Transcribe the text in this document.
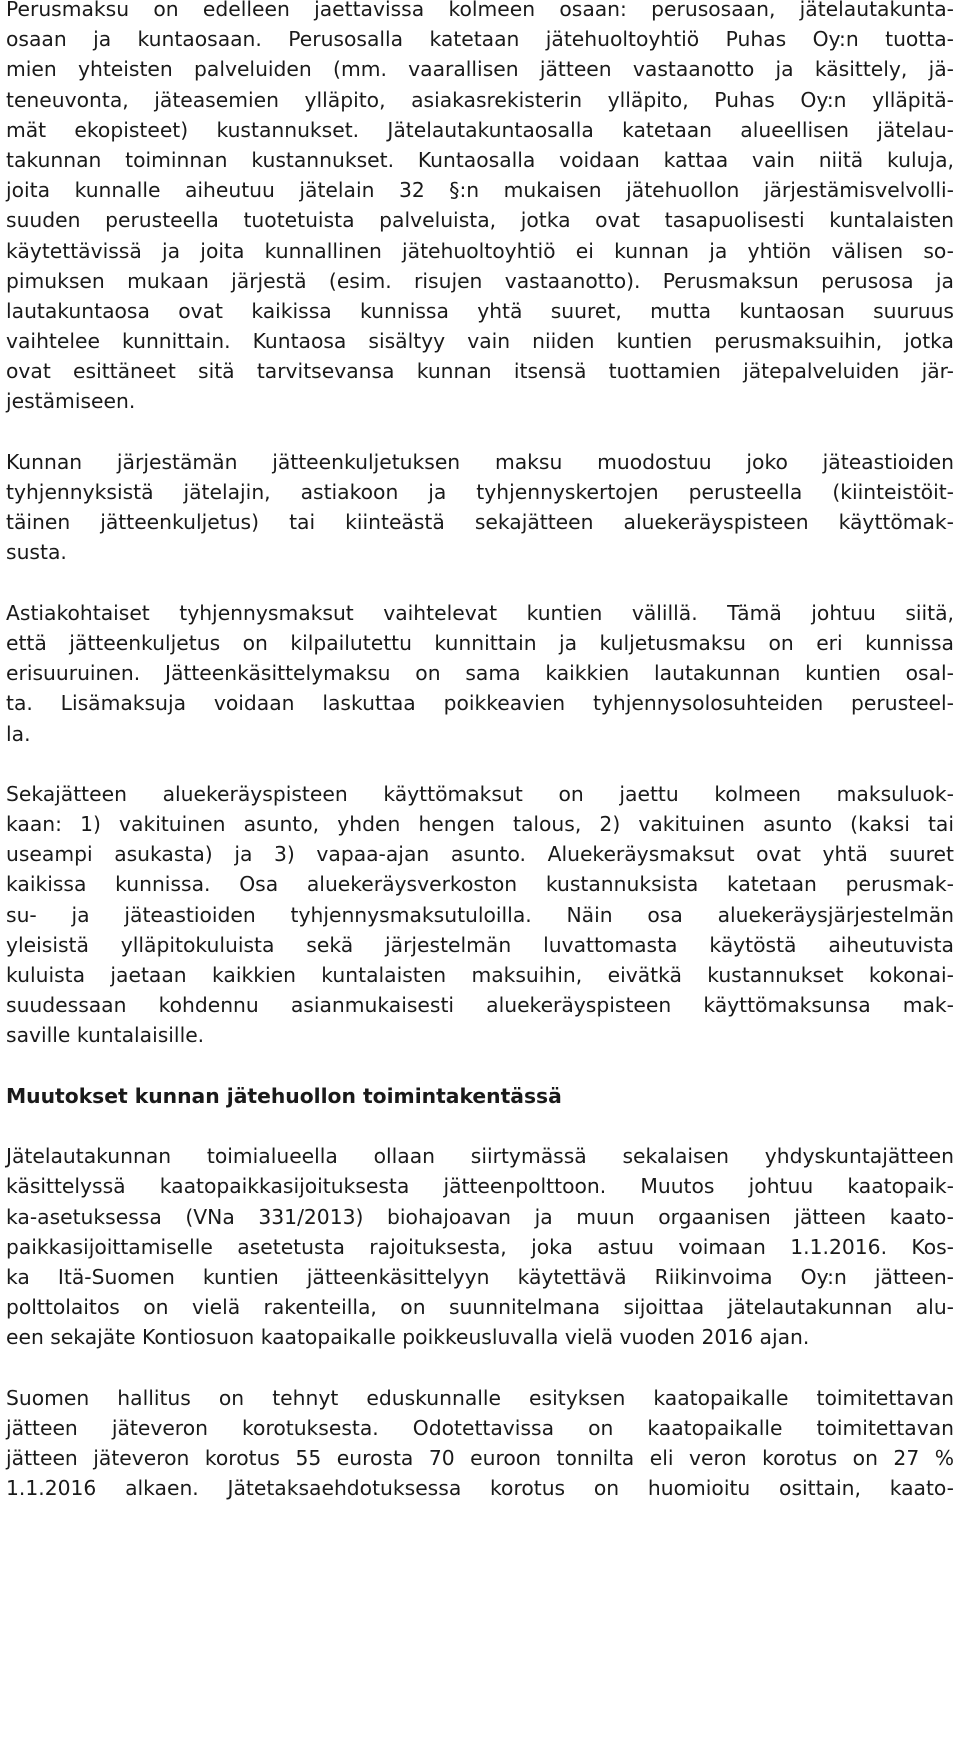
Perusmaksu on edelleen jaettavissa kolmeen osaan: perusosaan, jätelautakunta-
osaan ja kuntaosaan. Perusosalla katetaan jätehuoltoyhtiö Puhas Oy:n tuotta-
mien yhteisten palveluiden (mm. vaarallisen jätteen vastaanotto ja käsittely, jä-
teneuvonta, jäteasemien ylläpito, asiakasrekisterin ylläpito, Puhas Oy:n ylläpitä-
mät ekopisteet) kustannukset. Jätelautakuntaosalla katetaan alueellisen jätelau-
takunnan toiminnan kustannukset. Kuntaosalla voidaan kattaa vain niitä kuluja,
joita kunnalle aiheutuu jätelain 32 §:n mukaisen jätehuollon järjestämisvelvolli-
suuden perusteella tuotetuista palveluista, jotka ovat tasapuolisesti kuntalaisten
käytettävissä ja joita kunnallinen jätehuoltoyhtiö ei kunnan ja yhtiön välisen so-
pimuksen mukaan järjestä (esim. risujen vastaanotto). Perusmaksun perusosa ja
lautakuntaosa ovat kaikissa kunnissa yhtä suuret, mutta kuntaosan suuruus
vaihtelee kunnittain. Kuntaosa sisältyy vain niiden kuntien perusmaksuihin, jotka
ovat esittäneet sitä tarvitsevansa kunnan itsensä tuottamien jätepalveluiden jär-
jestämiseen.
Kunnan järjestämän jätteenkuljetuksen maksu muodostuu joko jäteastioiden
tyhjennyksistä jätelajin, astiakoon ja tyhjennyskertojen perusteella (kiinteistöit-
täinen jätteenkuljetus) tai kiinteästä sekajätteen aluekeräyspisteen käyttömak-
susta.
Astiakohtaiset tyhjennysmaksut vaihtelevat kuntien välillä. Tämä johtuu siitä,
että jätteenkuljetus on kilpailutettu kunnittain ja kuljetusmaksu on eri kunnissa
erisuuruinen. Jätteenkäsittelymaksu on sama kaikkien lautakunnan kuntien osal-
ta. Lisämaksuja voidaan laskuttaa poikkeavien tyhjennysolosuhteiden perusteel-
la.
Sekajätteen aluekeräyspisteen käyttömaksut on jaettu kolmeen maksuluok-
kaan: 1) vakituinen asunto, yhden hengen talous, 2) vakituinen asunto (kaksi tai
useampi asukasta) ja 3) vapaa-ajan asunto. Aluekeräysmaksut ovat yhtä suuret
kaikissa kunnissa. Osa aluekeräysverkoston kustannuksista katetaan perusmak-
su- ja jäteastioiden tyhjennysmaksutuloilla. Näin osa aluekeräysjärjestelmän
yleisistä ylläpitokuluista sekä järjestelmän luvattomasta käytöstä aiheutuvista
kuluista jaetaan kaikkien kuntalaisten maksuihin, eivätkä kustannukset kokonai-
suudessaan kohdennu asianmukaisesti aluekeräyspisteen käyttömaksunsa mak-
saville kuntalaisille.
Muutokset kunnan jätehuollon toimintakentässä
Jätelautakunnan toimialueella ollaan siirtymässä sekalaisen yhdyskuntajätteen
käsittelyssä kaatopaikkasijoituksesta jätteenpolttoon. Muutos johtuu kaatopaik-
ka-asetuksessa (VNa 331/2013) biohajoavan ja muun orgaanisen jätteen kaato-
paikkasijoittamiselle asetetusta rajoituksesta, joka astuu voimaan 1.1.2016. Kos-
ka Itä-Suomen kuntien jätteenkäsittelyyn käytettävä Riikinvoima Oy:n jätteen-
polttolaitos on vielä rakenteilla, on suunnitelmana sijoittaa jätelautakunnan alu-
een sekajäte Kontiosuon kaatopaikalle poikkeusluvalla vielä vuoden 2016 ajan.
Suomen hallitus on tehnyt eduskunnalle esityksen kaatopaikalle toimitettavan
jätteen jäteveron korotuksesta. Odotettavissa on kaatopaikalle toimitettavan
jätteen jäteveron korotus 55 eurosta 70 euroon tonnilta eli veron korotus on 27 %
1.1.2016 alkaen. Jätetaksaehdotuksessa korotus on huomioitu osittain, kaato-
